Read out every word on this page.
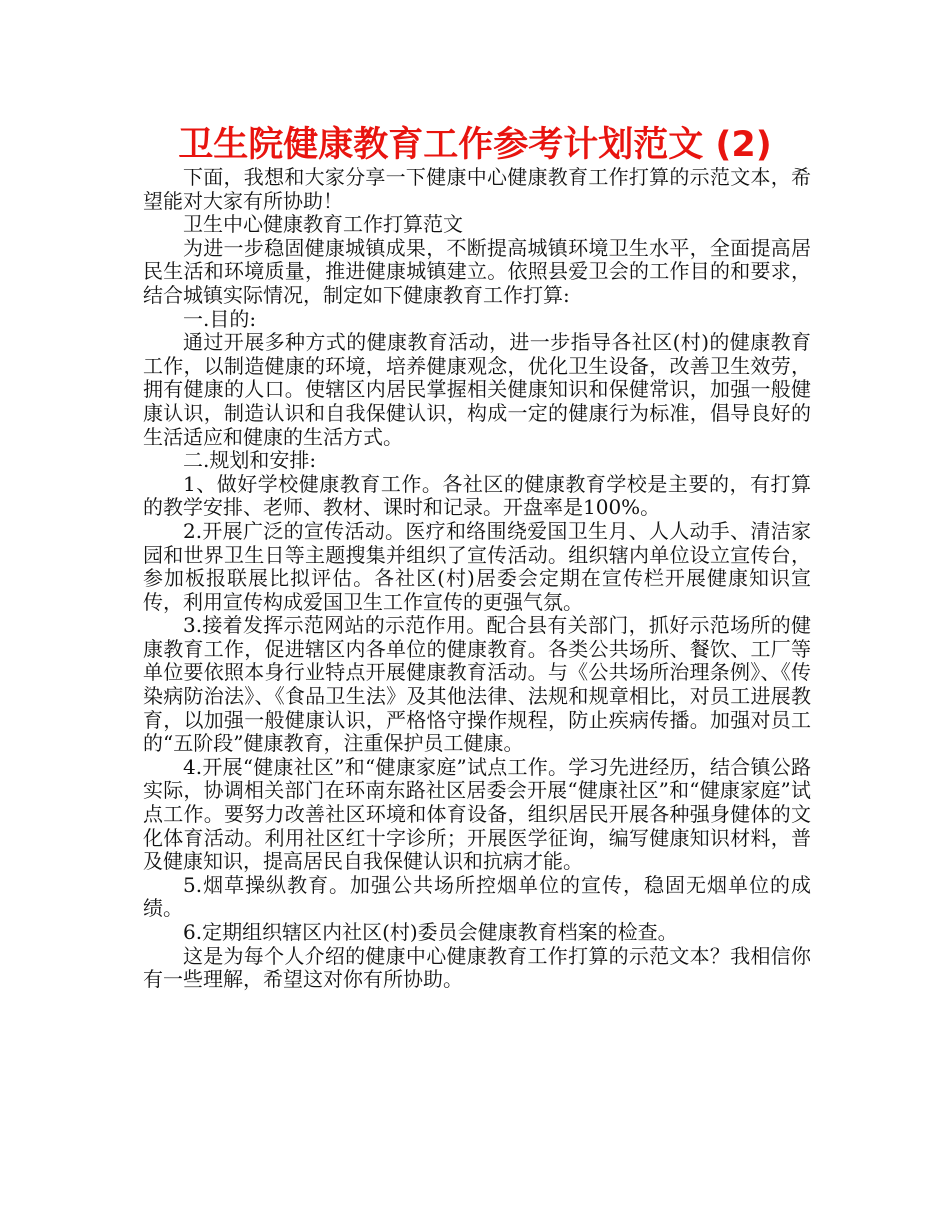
卫生院健康教育工作参考计划范文 (2)

下面，我想和大家分享一下健康中心健康教育工作打算的示范文本，希望能对大家有所协助！

卫生中心健康教育工作打算范文

为进一步稳固健康城镇成果，不断提高城镇环境卫生水平，全面提高居民生活和环境质量，推进健康城镇建立。依照县爱卫会的工作目的和要求，结合城镇实际情况，制定如下健康教育工作打算:

一.目的:

通过开展多种方式的健康教育活动，进一步指导各社区(村)的健康教育工作，以制造健康的环境，培养健康观念，优化卫生设备，改善卫生效劳，拥有健康的人口。使辖区内居民掌握相关健康知识和保健常识，加强一般健康认识，制造认识和自我保健认识，构成一定的健康行为标准，倡导良好的生活适应和健康的生活方式。

二.规划和安排:

1、做好学校健康教育工作。各社区的健康教育学校是主要的，有打算的教学安排、老师、教材、课时和记录。开盘率是100%。

2.开展广泛的宣传活动。医疗和络围绕爱国卫生月、人人动手、清洁家园和世界卫生日等主题搜集并组织了宣传活动。组织辖内单位设立宣传台，参加板报联展比拟评估。各社区(村)居委会定期在宣传栏开展健康知识宣传，利用宣传构成爱国卫生工作宣传的更强气氛。

3.接着发挥示范网站的示范作用。配合县有关部门，抓好示范场所的健康教育工作，促进辖区内各单位的健康教育。各类公共场所、餐饮、工厂等单位要依照本身行业特点开展健康教育活动。与《公共场所治理条例》、《传染病防治法》、《食品卫生法》及其他法律、法规和规章相比，对员工进展教育，以加强一般健康认识，严格恪守操作规程，防止疾病传播。加强对员工的“五阶段”健康教育，注重保护员工健康。

4.开展“健康社区”和“健康家庭”试点工作。学习先进经历，结合镇公路实际，协调相关部门在环南东路社区居委会开展“健康社区”和“健康家庭”试点工作。要努力改善社区环境和体育设备，组织居民开展各种强身健体的文化体育活动。利用社区红十字诊所；开展医学征询，编写健康知识材料，普及健康知识，提高居民自我保健认识和抗病才能。

5.烟草操纵教育。加强公共场所控烟单位的宣传，稳固无烟单位的成绩。

6.定期组织辖区内社区(村)委员会健康教育档案的检查。

这是为每个人介绍的健康中心健康教育工作打算的示范文本？我相信你有一些理解，希望这对你有所协助。
